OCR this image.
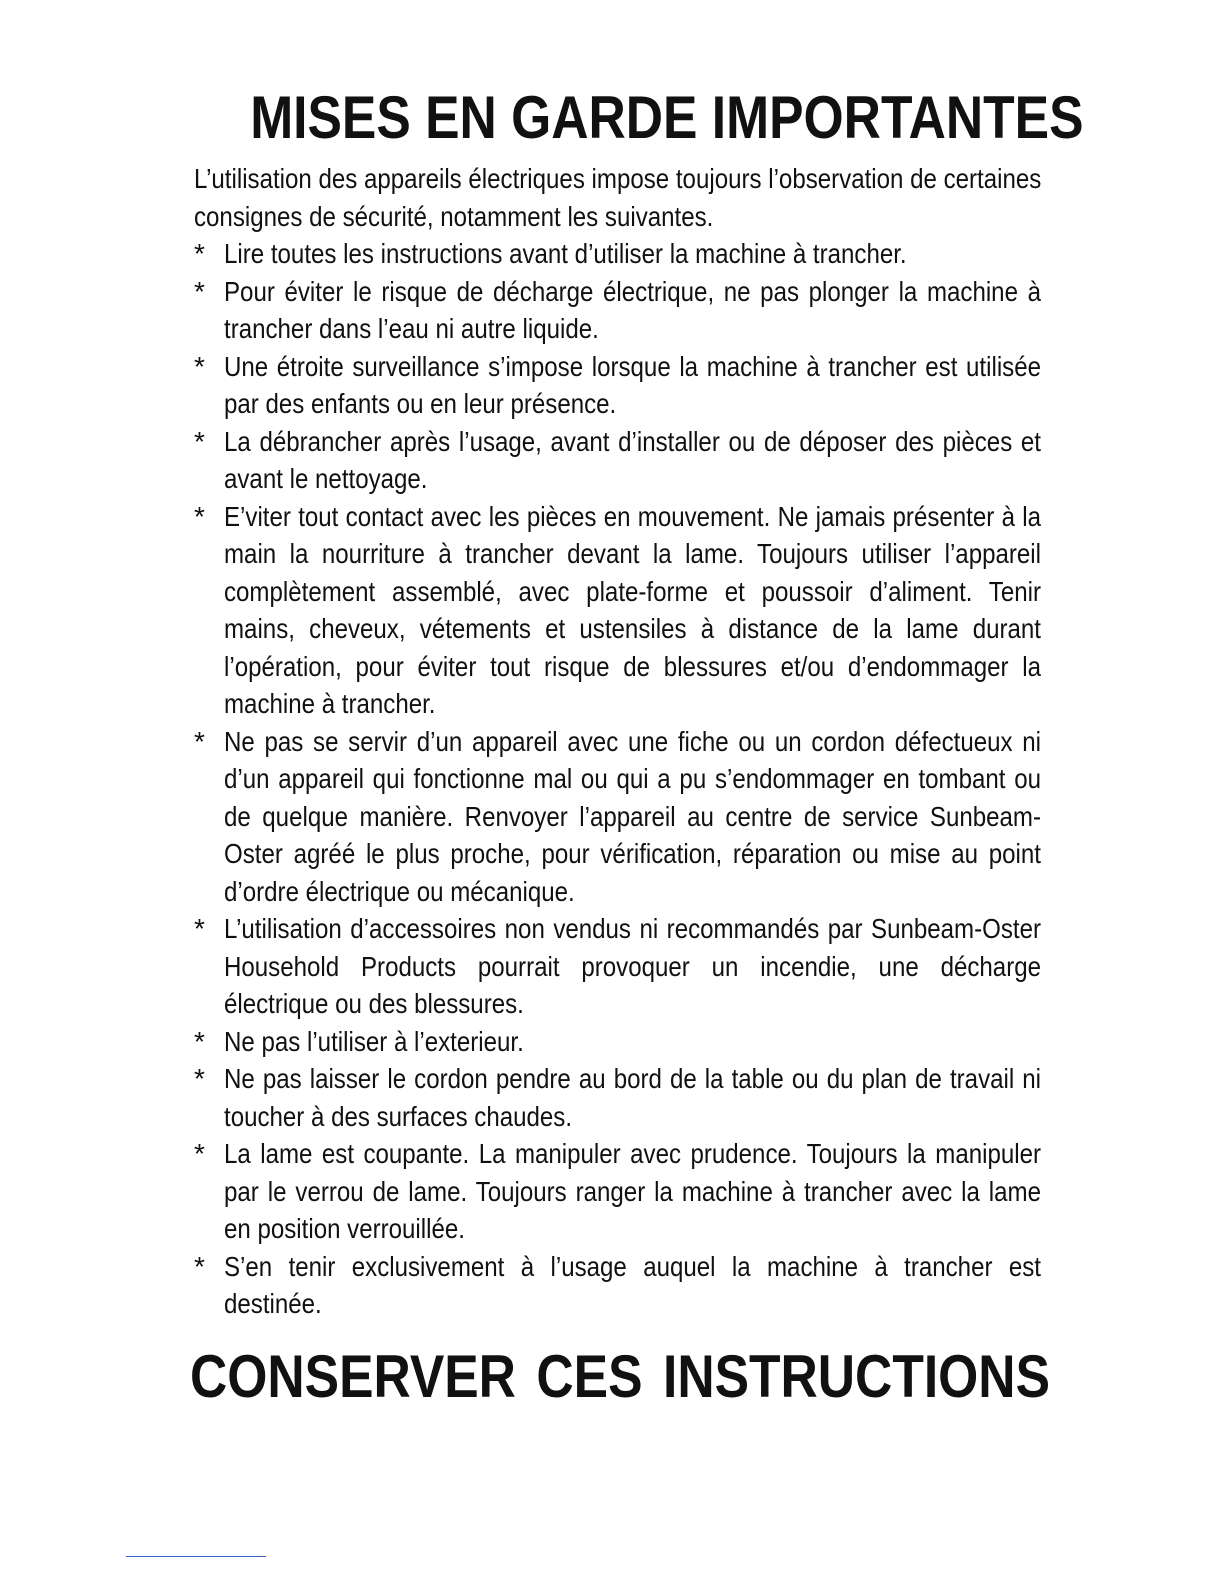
MISES EN GARDE IMPORTANTES

L’utilisation des appareils électriques impose toujours l’observation de certaines consignes de sécurité, notamment les suivantes.

* Lire toutes les instructions avant d’utiliser la machine à trancher.
* Pour éviter le risque de décharge électrique, ne pas plonger la machine à trancher dans l’eau ni autre liquide.
* Une étroite surveillance s’impose lorsque la machine à trancher est utilisée par des enfants ou en leur présence.
* La débrancher après l’usage, avant d’installer ou de déposer des pièces et avant le nettoyage.
* E’viter tout contact avec les pièces en mouvement. Ne jamais présenter à la main la nourriture à trancher devant la lame. Toujours utiliser l’appareil complètement assemblé, avec plate-forme et poussoir d’aliment. Tenir mains, cheveux, vétements et ustensiles à distance de la lame durant l’opération, pour éviter tout risque de blessures et/ou d’endommager la machine à trancher.
* Ne pas se servir d’un appareil avec une fiche ou un cordon défectueux ni d’un appareil qui fonctionne mal ou qui a pu s’endommager en tombant ou de quelque manière. Renvoyer l’appareil au centre de service Sunbeam-Oster agréé le plus proche, pour vérification, réparation ou mise au point d’ordre électrique ou mécanique.
* L’utilisation d’accessoires non vendus ni recommandés par Sunbeam-Oster Household Products pourrait provoquer un incendie, une décharge électrique ou des blessures.
* Ne pas l’utiliser à l’exterieur.
* Ne pas laisser le cordon pendre au bord de la table ou du plan de travail ni toucher à des surfaces chaudes.
* La lame est coupante. La manipuler avec prudence. Toujours la manipuler par le verrou de lame. Toujours ranger la machine à trancher avec la lame en position verrouillée.
* S’en tenir exclusivement à l’usage auquel la machine à trancher est destinée.
CONSERVER CES INSTRUCTIONS
